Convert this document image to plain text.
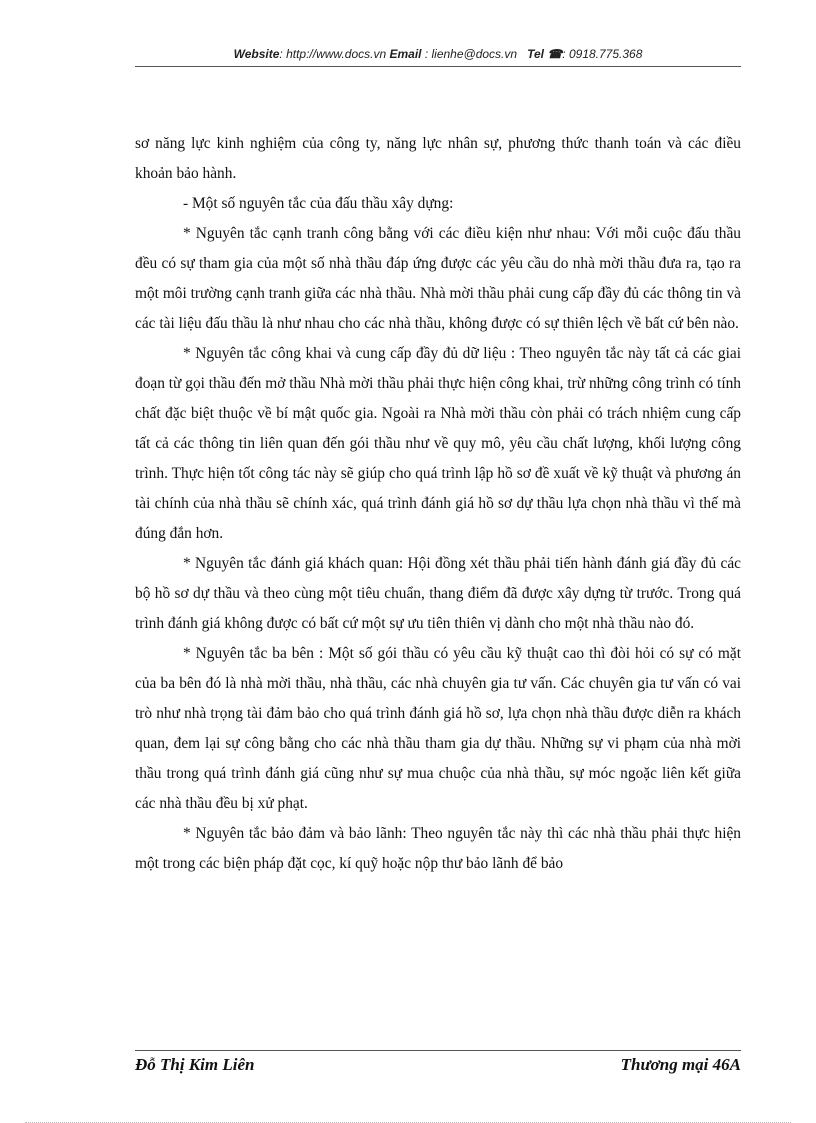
Website: http://www.docs.vn Email : lienhe@docs.vn Tel ☎: 0918.775.368

sơ năng lực kinh nghiệm của công ty, năng lực nhân sự, phương thức thanh toán và các điều khoản bảo hành.

- Một số nguyên tắc của đấu thầu xây dựng:

* Nguyên tắc cạnh tranh công bằng với các điều kiện như nhau: Với mỗi cuộc đấu thầu đều có sự tham gia của một số nhà thầu đáp ứng được các yêu cầu do nhà mời thầu đưa ra, tạo ra một môi trường cạnh tranh giữa các nhà thầu. Nhà mời thầu phải cung cấp đầy đủ các thông tin và các tài liệu đấu thầu là như nhau cho các nhà thầu, không được có sự thiên lệch về bất cứ bên nào.

* Nguyên tắc công khai và cung cấp đầy đủ dữ liệu : Theo nguyên tắc này tất cả các giai đoạn từ gọi thầu đến mở thầu Nhà mời thầu phải thực hiện công khai, trừ những công trình có tính chất đặc biệt thuộc về bí mật quốc gia. Ngoài ra Nhà mời thầu còn phải có trách nhiệm cung cấp tất cả các thông tin liên quan đến gói thầu như về quy mô, yêu cầu chất lượng, khối lượng công trình. Thực hiện tốt công tác này sẽ giúp cho quá trình lập hồ sơ đề xuất về kỹ thuật và phương án tài chính của nhà thầu sẽ chính xác, quá trình đánh giá hồ sơ dự thầu lựa chọn nhà thầu vì thế mà đúng đắn hơn.

* Nguyên tắc đánh giá khách quan: Hội đồng xét thầu phải tiến hành đánh giá đầy đủ các bộ hồ sơ dự thầu và theo cùng một tiêu chuẩn, thang điểm đã được xây dựng từ trước. Trong quá trình đánh giá không được có bất cứ một sự ưu tiên thiên vị dành cho một nhà thầu nào đó.

* Nguyên tắc ba bên : Một số gói thầu có yêu cầu kỹ thuật cao thì đòi hỏi có sự có mặt của ba bên đó là nhà mời thầu, nhà thầu, các nhà chuyên gia tư vấn. Các chuyên gia tư vấn có vai trò như nhà trọng tài đảm bảo cho quá trình đánh giá hồ sơ, lựa chọn nhà thầu được diễn ra khách quan, đem lại sự công bằng cho các nhà thầu tham gia dự thầu. Những sự vi phạm của nhà mời thầu trong quá trình đánh giá cũng như sự mua chuộc của nhà thầu, sự móc ngoặc liên kết giữa các nhà thầu đều bị xử phạt.

* Nguyên tắc bảo đảm và bảo lãnh: Theo nguyên tắc này thì các nhà thầu phải thực hiện một trong các biện pháp đặt cọc, kí quỹ hoặc nộp thư bảo lãnh để bảo

Đỗ Thị Kim Liên	Thương mại 46A
